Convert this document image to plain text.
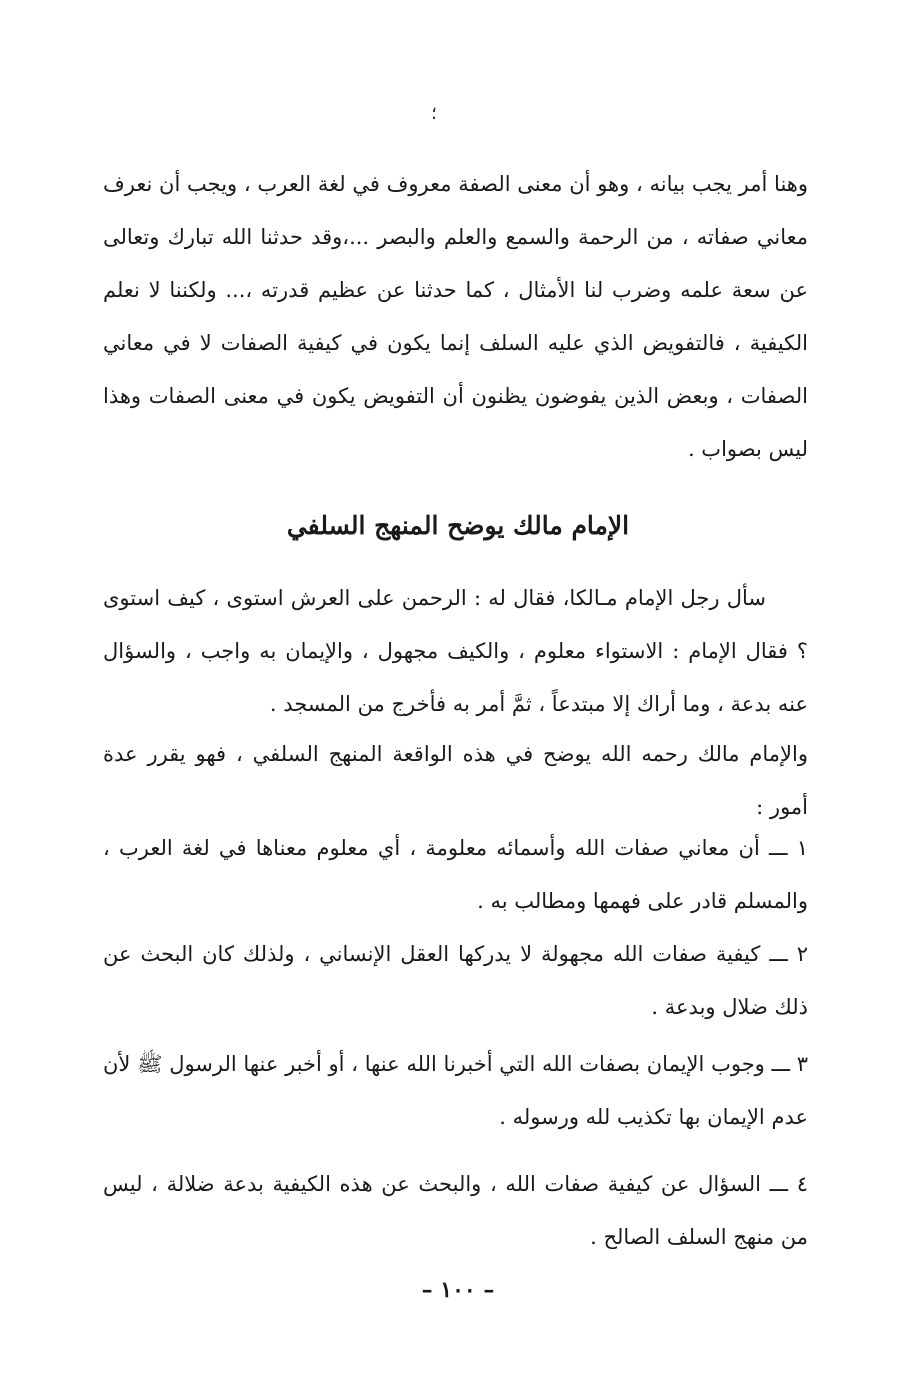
؛

وهنا أمر يجب بيانه ، وهو أن معنى الصفة معروف في لغة العرب ، ويجب أن نعرف معاني صفاته ، من الرحمة والسمع والعلم والبصر ...،وقد حدثنا الله تبارك وتعالى عن سعة علمه وضرب لنا الأمثال ، كما حدثنا عن عظيم قدرته ،... ولكننا لا نعلم الكيفية ، فالتفويض الذي عليه السلف إنما يكون في كيفية الصفات لا في معاني الصفات ، وبعض الذين يفوضون يظنون أن التفويض يكون في معنى الصفات وهذا ليس بصواب .

الإمام مالك يوضح المنهج السلفي

سأل رجل الإمام مـالكا، فقال له : الرحمن على العرش استوى ، كيف استوى ؟ فقال الإمام : الاستواء معلوم ، والكيف مجهول ، والإيمان به واجب ، والسؤال عنه بدعة ، وما أراك إلا مبتدعاً ، ثمَّ أمر به فأخرج من المسجد .

والإمام مالك رحمه الله يوضح في هذه الواقعة المنهج السلفي ، فهو يقرر عدة أمور :

١ ـــ أن معاني صفات الله وأسمائه معلومة ، أي معلوم معناها في لغة العرب ، والمسلم قادر على فهمها ومطالب به .

٢ ـــ كيفية صفات الله مجهولة لا يدركها العقل الإنساني ، ولذلك كان البحث عن ذلك ضلال وبدعة .

٣ ـــ وجوب الإيمان بصفات الله التي أخبرنا الله عنها ، أو أخبر عنها الرسول ﷺ لأن عدم الإيمان بها تكذيب لله ورسوله .

٤ ـــ السؤال عن كيفية صفات الله ، والبحث عن هذه الكيفية بدعة ضلالة ، ليس من منهج السلف الصالح .

– ١٠٠ –
